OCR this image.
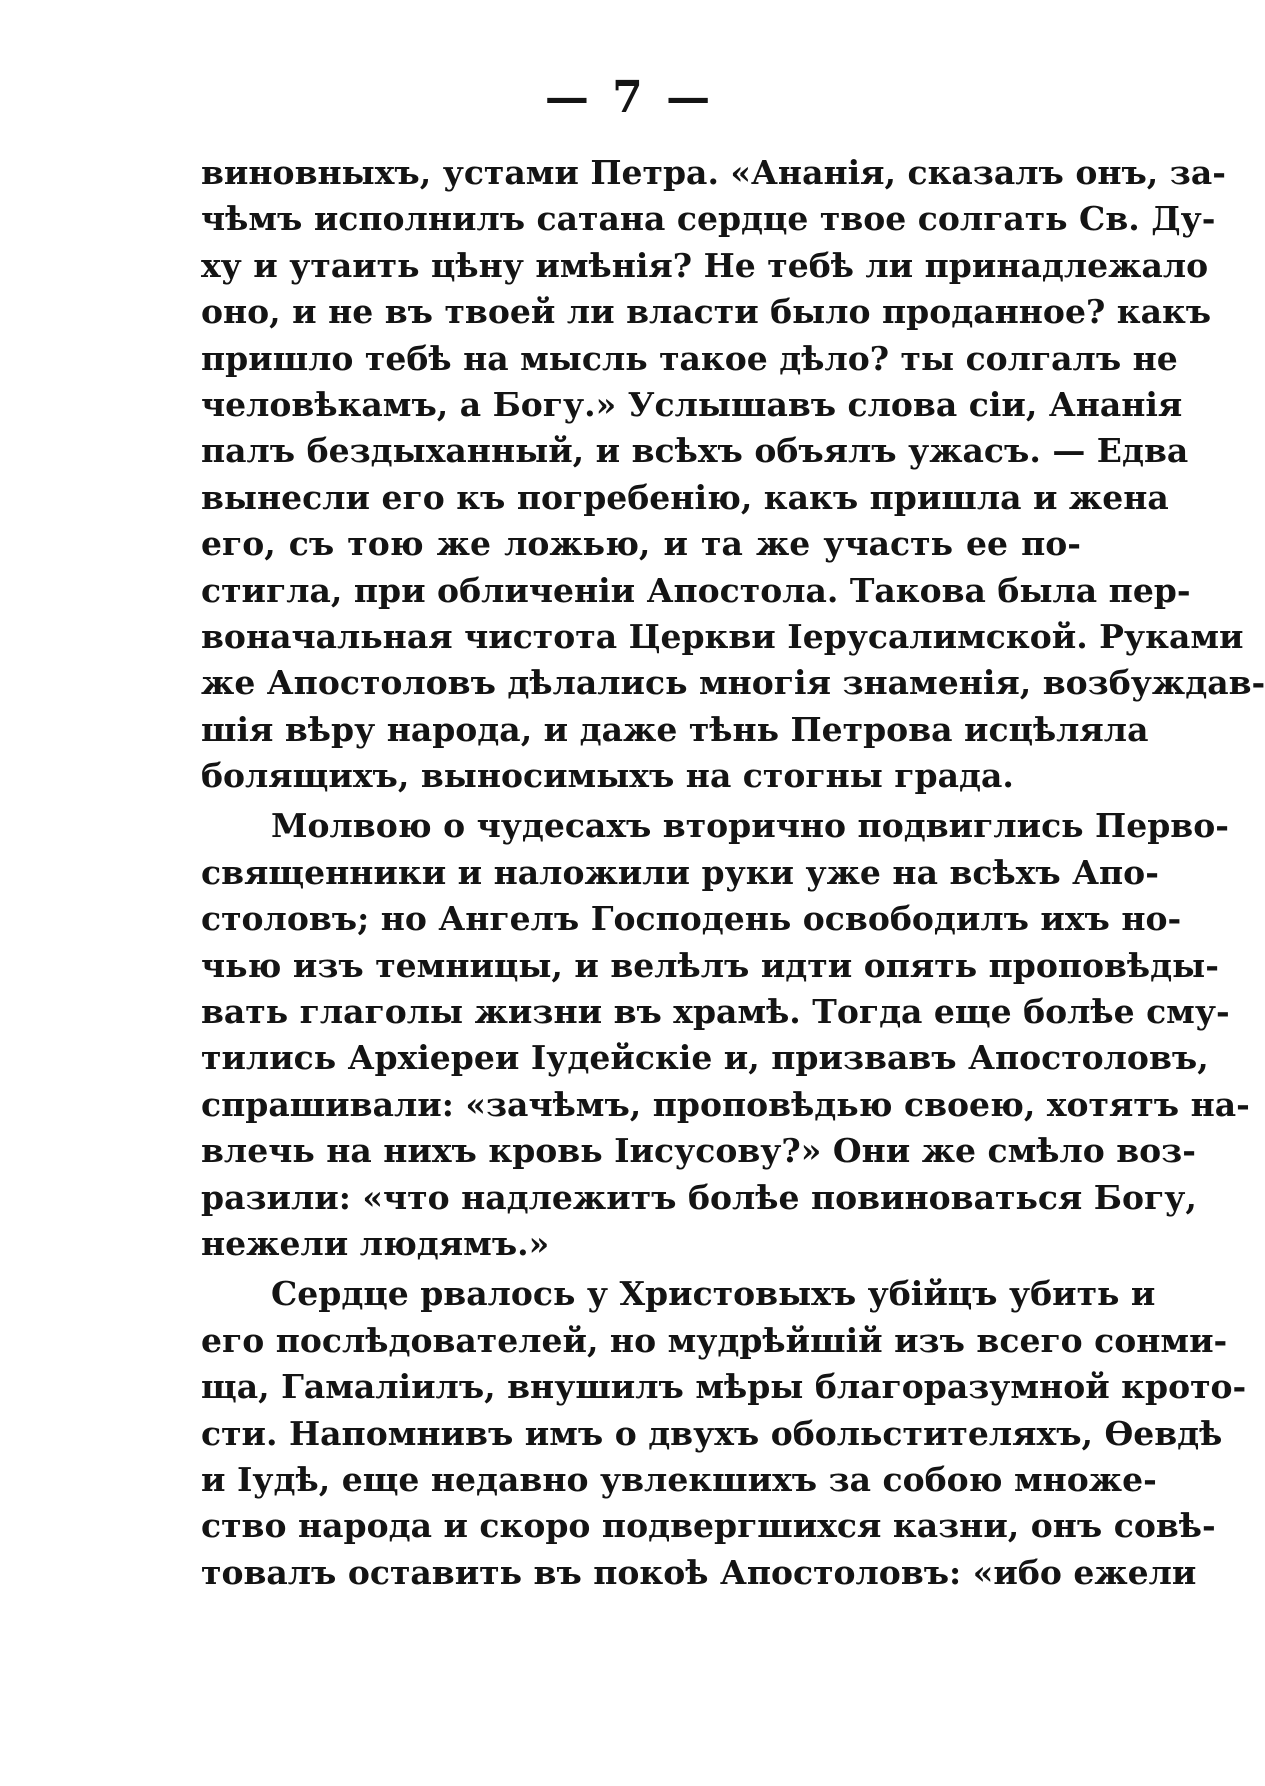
— 7 —
виновныхъ, устами Петра. «Ананія, сказалъ онъ, за-
чѣмъ исполнилъ сатана сердце твое солгать Св. Ду-
ху и утаить цѣну имѣнія? Не тебѣ ли принадлежало
оно, и не въ твоей ли власти было проданное? какъ
пришло тебѣ на мысль такое дѣло? ты солгалъ не
человѣкамъ, а Богу.» Услышавъ слова сіи, Ананія
палъ бездыханный, и всѣхъ объялъ ужасъ. — Едва
вынесли его къ погребенію, какъ пришла и жена
его, съ тою же ложью, и та же участь ее по-
стигла, при обличеніи Апостола. Такова была пер-
воначальная чистота Церкви Іерусалимской. Руками
же Апостоловъ дѣлались многія знаменія, возбуждав-
шія вѣру народа, и даже тѣнь Петрова исцѣляла
болящихъ, выносимыхъ на стогны града.
Молвою о чудесахъ вторично подвиглись Перво-
священники и наложили руки уже на всѣхъ Апо-
столовъ; но Ангелъ Господень освободилъ ихъ но-
чью изъ темницы, и велѣлъ идти опять проповѣды-
вать глаголы жизни въ храмѣ. Тогда еще болѣе сму-
тились Архіереи Іудейскіе и, призвавъ Апостоловъ,
спрашивали: «зачѣмъ, проповѣдью своею, хотятъ на-
влечь на нихъ кровь Іисусову?» Они же смѣло воз-
разили: «что надлежитъ болѣе повиноваться Богу,
нежели людямъ.»
Сердце рвалось у Христовыхъ убійцъ убить и
его послѣдователей, но мудрѣйшій изъ всего сонми-
ща, Гамаліилъ, внушилъ мѣры благоразумной крото-
сти. Напомнивъ имъ о двухъ обольстителяхъ, Өевдѣ
и Іудѣ, еще недавно увлекшихъ за собою множе-
ство народа и скоро подвергшихся казни, онъ совѣ-
товалъ оставить въ покоѣ Апостоловъ: «ибо ежели
